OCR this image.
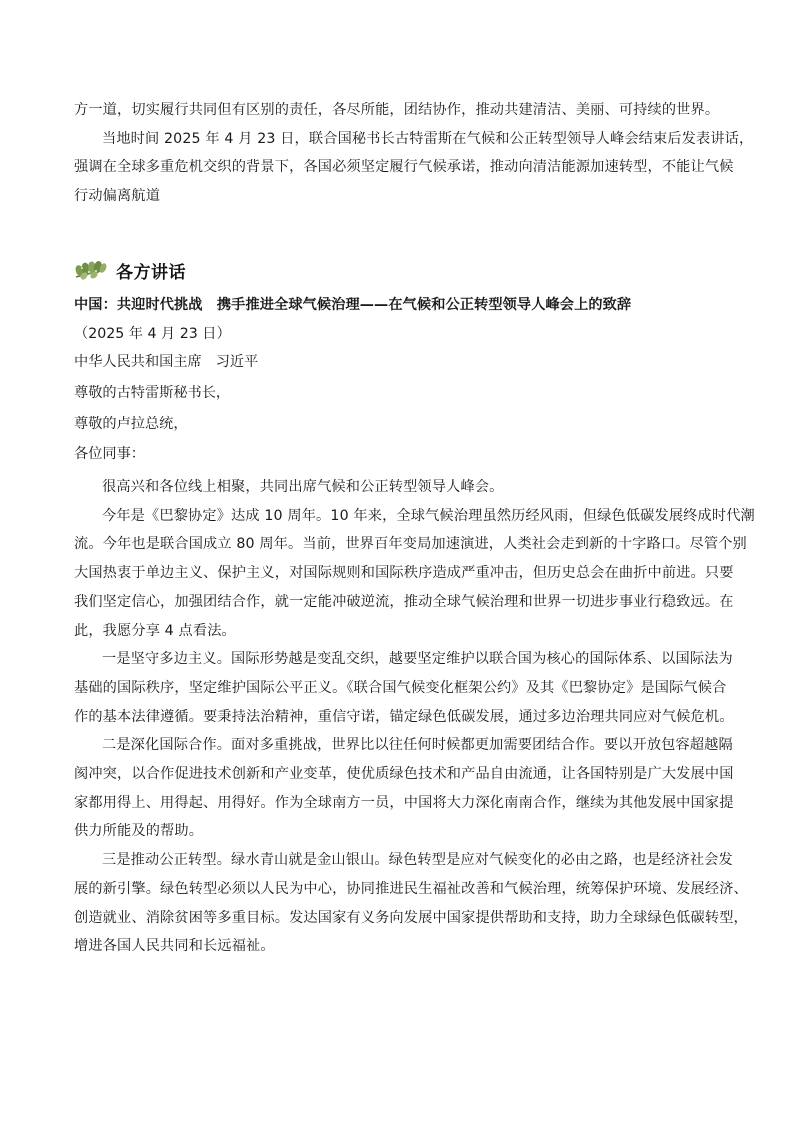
方一道，切实履行共同但有区别的责任，各尽所能，团结协作，推动共建清洁、美丽、可持续的世界。

当地时间 2025 年 4 月 23 日，联合国秘书长古特雷斯在气候和公正转型领导人峰会结束后发表讲话，

强调在全球多重危机交织的背景下，各国必须坚定履行气候承诺，推动向清洁能源加速转型，不能让气候

行动偏离航道

各方讲话

中国：共迎时代挑战　携手推进全球气候治理——在气候和公正转型领导人峰会上的致辞

（2025 年 4 月 23 日）

中华人民共和国主席 习近平

尊敬的古特雷斯秘书长，

尊敬的卢拉总统，

各位同事：

很高兴和各位线上相聚，共同出席气候和公正转型领导人峰会。

今年是《巴黎协定》达成 10 周年。10 年来，全球气候治理虽然历经风雨，但绿色低碳发展终成时代潮

流。今年也是联合国成立 80 周年。当前，世界百年变局加速演进，人类社会走到新的十字路口。尽管个别

大国热衷于单边主义、保护主义，对国际规则和国际秩序造成严重冲击，但历史总会在曲折中前进。只要

我们坚定信心，加强团结合作，就一定能冲破逆流，推动全球气候治理和世界一切进步事业行稳致远。在

此，我愿分享 4 点看法。

一是坚守多边主义。国际形势越是变乱交织，越要坚定维护以联合国为核心的国际体系、以国际法为

基础的国际秩序，坚定维护国际公平正义。《联合国气候变化框架公约》及其《巴黎协定》是国际气候合

作的基本法律遵循。要秉持法治精神，重信守诺，锚定绿色低碳发展，通过多边治理共同应对气候危机。

二是深化国际合作。面对多重挑战，世界比以往任何时候都更加需要团结合作。要以开放包容超越隔

阂冲突，以合作促进技术创新和产业变革，使优质绿色技术和产品自由流通，让各国特别是广大发展中国

家都用得上、用得起、用得好。作为全球南方一员，中国将大力深化南南合作，继续为其他发展中国家提

供力所能及的帮助。

三是推动公正转型。绿水青山就是金山银山。绿色转型是应对气候变化的必由之路，也是经济社会发

展的新引擎。绿色转型必须以人民为中心，协同推进民生福祉改善和气候治理，统筹保护环境、发展经济、

创造就业、消除贫困等多重目标。发达国家有义务向发展中国家提供帮助和支持，助力全球绿色低碳转型，

增进各国人民共同和长远福祉。
